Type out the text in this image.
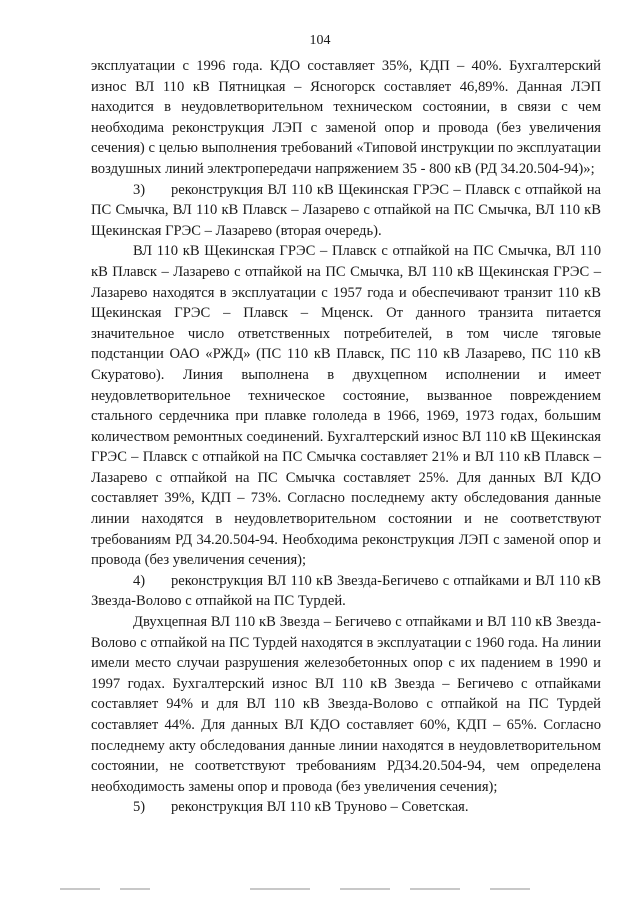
104

эксплуатации с 1996 года. КДО составляет 35%, КДП – 40%. Бухгалтерский износ ВЛ 110 кВ Пятницкая – Ясногорск составляет 46,89%. Данная ЛЭП находится в неудовлетворительном техническом состоянии, в связи с чем необходима реконструкция ЛЭП с заменой опор и провода (без увеличения сечения) с целью выполнения требований «Типовой инструкции по эксплуатации воздушных линий электропередачи напряжением 35 - 800 кВ (РД 34.20.504-94)»;

3) реконструкция ВЛ 110 кВ Щекинская ГРЭС – Плавск с отпайкой на ПС Смычка, ВЛ 110 кВ Плавск – Лазарево с отпайкой на ПС Смычка, ВЛ 110 кВ Щекинская ГРЭС – Лазарево (вторая очередь).

ВЛ 110 кВ Щекинская ГРЭС – Плавск с отпайкой на ПС Смычка, ВЛ 110 кВ Плавск – Лазарево с отпайкой на ПС Смычка, ВЛ 110 кВ Щекинская ГРЭС – Лазарево находятся в эксплуатации с 1957 года и обеспечивают транзит 110 кВ Щекинская ГРЭС – Плавск – Мценск. От данного транзита питается значительное число ответственных потребителей, в том числе тяговые подстанции ОАО «РЖД» (ПС 110 кВ Плавск, ПС 110 кВ Лазарево, ПС 110 кВ Скуратово). Линия выполнена в двухцепном исполнении и имеет неудовлетворительное техническое состояние, вызванное повреждением стального сердечника при плавке гололеда в 1966, 1969, 1973 годах, большим количеством ремонтных соединений. Бухгалтерский износ ВЛ 110 кВ Щекинская ГРЭС – Плавск с отпайкой на ПС Смычка составляет 21% и ВЛ 110 кВ Плавск – Лазарево с отпайкой на ПС Смычка составляет 25%. Для данных ВЛ КДО составляет 39%, КДП – 73%. Согласно последнему акту обследования данные линии находятся в неудовлетворительном состоянии и не соответствуют требованиям РД 34.20.504-94. Необходима реконструкция ЛЭП с заменой опор и провода (без увеличения сечения);

4) реконструкция ВЛ 110 кВ Звезда-Бегичево с отпайками и ВЛ 110 кВ Звезда-Волово с отпайкой на ПС Турдей.

Двухцепная ВЛ 110 кВ Звезда – Бегичево с отпайками и ВЛ 110 кВ Звезда-Волово с отпайкой на ПС Турдей находятся в эксплуатации с 1960 года. На линии имели место случаи разрушения железобетонных опор с их падением в 1990 и 1997 годах. Бухгалтерский износ ВЛ 110 кВ Звезда – Бегичево с отпайками составляет 94% и для ВЛ 110 кВ Звезда-Волово с отпайкой на ПС Турдей составляет 44%. Для данных ВЛ КДО составляет 60%, КДП – 65%. Согласно последнему акту обследования данные линии находятся в неудовлетворительном состоянии, не соответствуют требованиям РД34.20.504-94, чем определена необходимость замены опор и провода (без увеличения сечения);

5) реконструкция ВЛ 110 кВ Труново – Советская.
